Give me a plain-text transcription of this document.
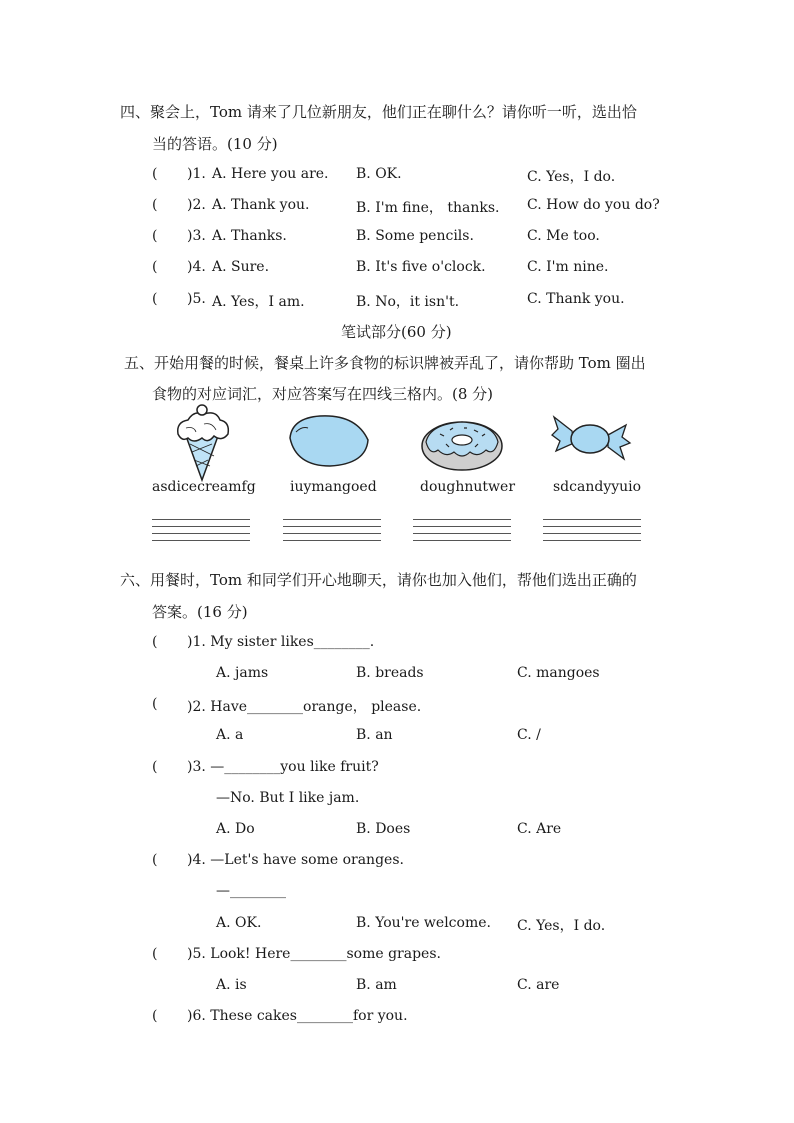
四、聚会上，Tom 请来了几位新朋友，他们正在聊什么？请你听一听，选出恰
当的答语。(10 分)
( )1. A. Here you are. B. OK.	C. Yes，I do.
( )2. A. Thank you.	B. I'm fine， thanks. C. How do you do?
( )3. A. Thanks.	B. Some pencils.	C. Me too.
( )4. A. Sure.	B. It's five o'clock.	C. I'm nine.
( )5. A. Yes，I am.	B. No，it isn't.	C. Thank you.
笔试部分(60 分)
五、开始用餐的时候，餐桌上许多食物的标识牌被弄乱了，请你帮助 Tom 圈出
食物的对应词汇，对应答案写在四线三格内。(8 分)
asdicecreamfg iuymangoed	doughnutwer	sdcandyyuio
六、用餐时，Tom 和同学们开心地聊天，请你也加入他们，帮他们选出正确的
答案。(16 分)
( )1. My sister likes________.
A. jams	B. breads	C. mangoes
( )2. Have________orange， please.
A. a	B. an	C. /
( )3. —________you like fruit?
—No. But I like jam.
A. Do	B. Does	C. Are
( )4. —Let's have some oranges.
—________
A. OK.	B. You're welcome. C. Yes，I do.
( )5. Look! Here________some grapes.
A. is	B. am	C. are
( )6. These cakes________for you.
